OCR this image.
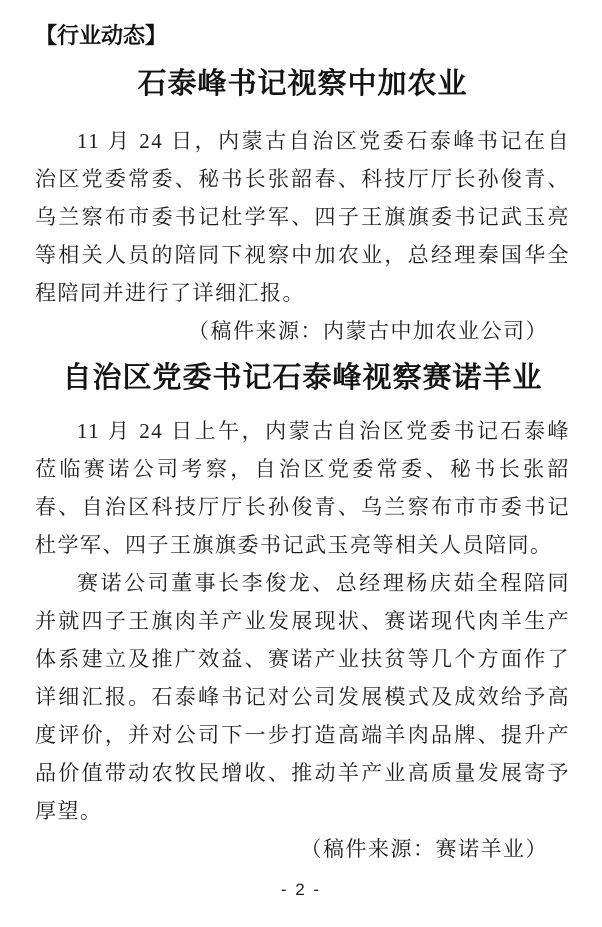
【行业动态】
石泰峰书记视察中加农业

11 月 24 日，内蒙古自治区党委石泰峰书记在自治区党委常委、秘书长张韶春、科技厅厅长孙俊青、乌兰察布市委书记杜学军、四子王旗旗委书记武玉亮等相关人员的陪同下视察中加农业，总经理秦国华全程陪同并进行了详细汇报。

（稿件来源：内蒙古中加农业公司）
自治区党委书记石泰峰视察赛诺羊业

11 月 24 日上午，内蒙古自治区党委书记石泰峰莅临赛诺公司考察，自治区党委常委、秘书长张韶春、自治区科技厅厅长孙俊青、乌兰察布市市委书记杜学军、四子王旗旗委书记武玉亮等相关人员陪同。

赛诺公司董事长李俊龙、总经理杨庆茹全程陪同并就四子王旗肉羊产业发展现状、赛诺现代肉羊生产体系建立及推广效益、赛诺产业扶贫等几个方面作了详细汇报。石泰峰书记对公司发展模式及成效给予高度评价，并对公司下一步打造高端羊肉品牌、提升产品价值带动农牧民增收、推动羊产业高质量发展寄予厚望。

（稿件来源：赛诺羊业）
- 2 -
